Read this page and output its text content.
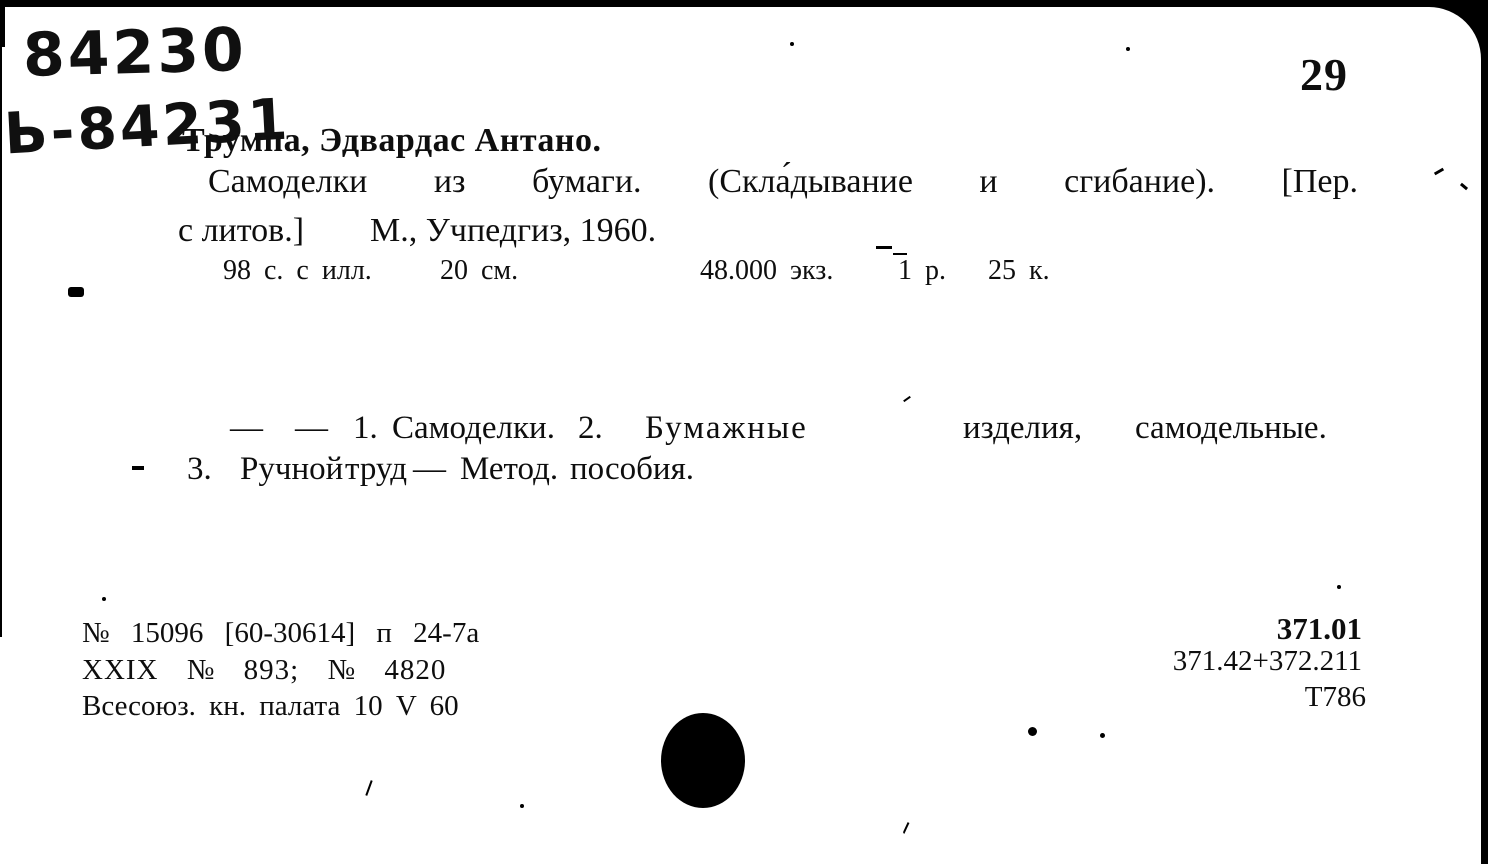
84230
Ь-84231
29
Трумпа, Эдвардас Антано.
Самоделки из бумаги. (Скла́дывание и сгибание). [Пер.
с литов.] М., Учпедгиз, 1960.
98 с. с илл. 20 см.	48.000 экз. 1 р. 25 к.
— — 1. Самоделки. 2. Бумажные	изделия, самодельные.
3. Ручной труд — Метод. пособия.
№ 15096 [60-30614] п 24-7а
XXIX № 893; № 4820
Всесоюз. кн. палата 10 V 60
371.01
371.42+372.211
Т786
